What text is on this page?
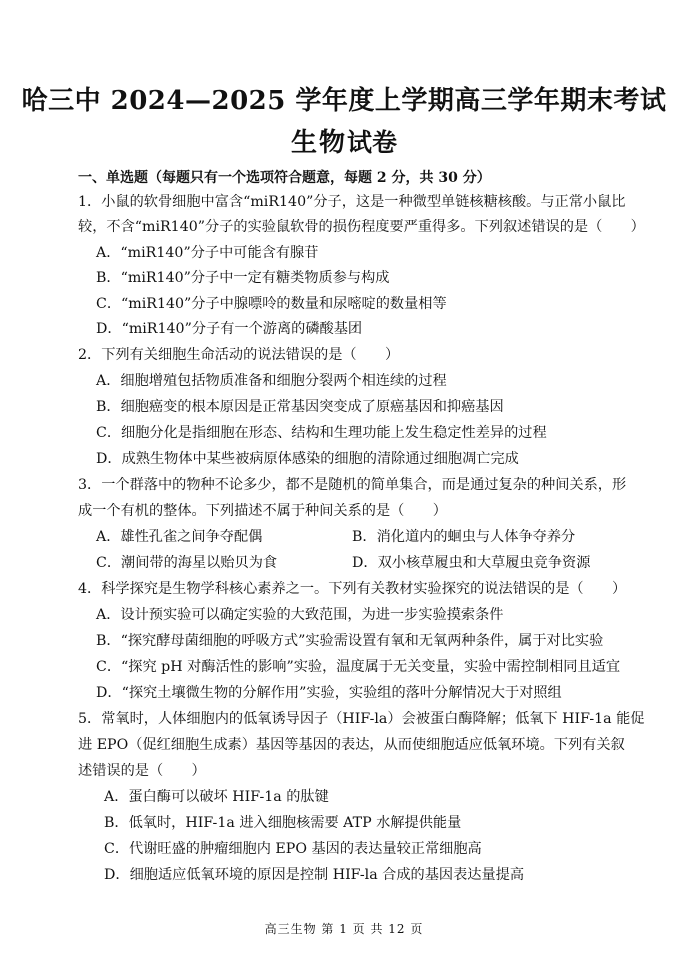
哈三中 2024—2025 学年度上学期高三学年期末考试
生物试卷
一、单选题（每题只有一个选项符合题意，每题 2 分，共 30 分）
1．小鼠的软骨细胞中富含“miR140”分子，这是一种微型单链核糖核酸。与正常小鼠比
较，不含“miR140”分子的实验鼠软骨的损伤程度要严重得多。下列叙述错误的是（　　）
A．“miR140”分子中可能含有腺苷
B．“miR140”分子中一定有糖类物质参与构成
C．“miR140”分子中腺嘌呤的数量和尿嘧啶的数量相等
D．“miR140”分子有一个游离的磷酸基团
2．下列有关细胞生命活动的说法错误的是（　　）
A．细胞增殖包括物质准备和细胞分裂两个相连续的过程
B．细胞癌变的根本原因是正常基因突变成了原癌基因和抑癌基因
C．细胞分化是指细胞在形态、结构和生理功能上发生稳定性差异的过程
D．成熟生物体中某些被病原体感染的细胞的清除通过细胞凋亡完成
3．一个群落中的物种不论多少，都不是随机的简单集合，而是通过复杂的种间关系，形
成一个有机的整体。下列描述不属于种间关系的是（　　）
A．雄性孔雀之间争夺配偶	B．消化道内的蛔虫与人体争夺养分
C．潮间带的海星以贻贝为食	D．双小核草履虫和大草履虫竞争资源
4．科学探究是生物学科核心素养之一。下列有关教材实验探究的说法错误的是（　　）
A．设计预实验可以确定实验的大致范围，为进一步实验摸索条件
B．“探究酵母菌细胞的呼吸方式”实验需设置有氧和无氧两种条件，属于对比实验
C．“探究 pH 对酶活性的影响”实验，温度属于无关变量，实验中需控制相同且适宜
D．“探究土壤微生物的分解作用”实验，实验组的落叶分解情况大于对照组
5．常氧时，人体细胞内的低氧诱导因子（HIF-la）会被蛋白酶降解；低氧下 HIF-1a 能促
进 EPO（促红细胞生成素）基因等基因的表达，从而使细胞适应低氧环境。下列有关叙
述错误的是（　　）
A．蛋白酶可以破坏 HIF-1a 的肽键
B．低氧时，HIF-1a 进入细胞核需要 ATP 水解提供能量
C．代谢旺盛的肿瘤细胞内 EPO 基因的表达量较正常细胞高
D．细胞适应低氧环境的原因是控制 HIF-la 合成的基因表达量提高
高三生物 第 1 页 共 12 页
